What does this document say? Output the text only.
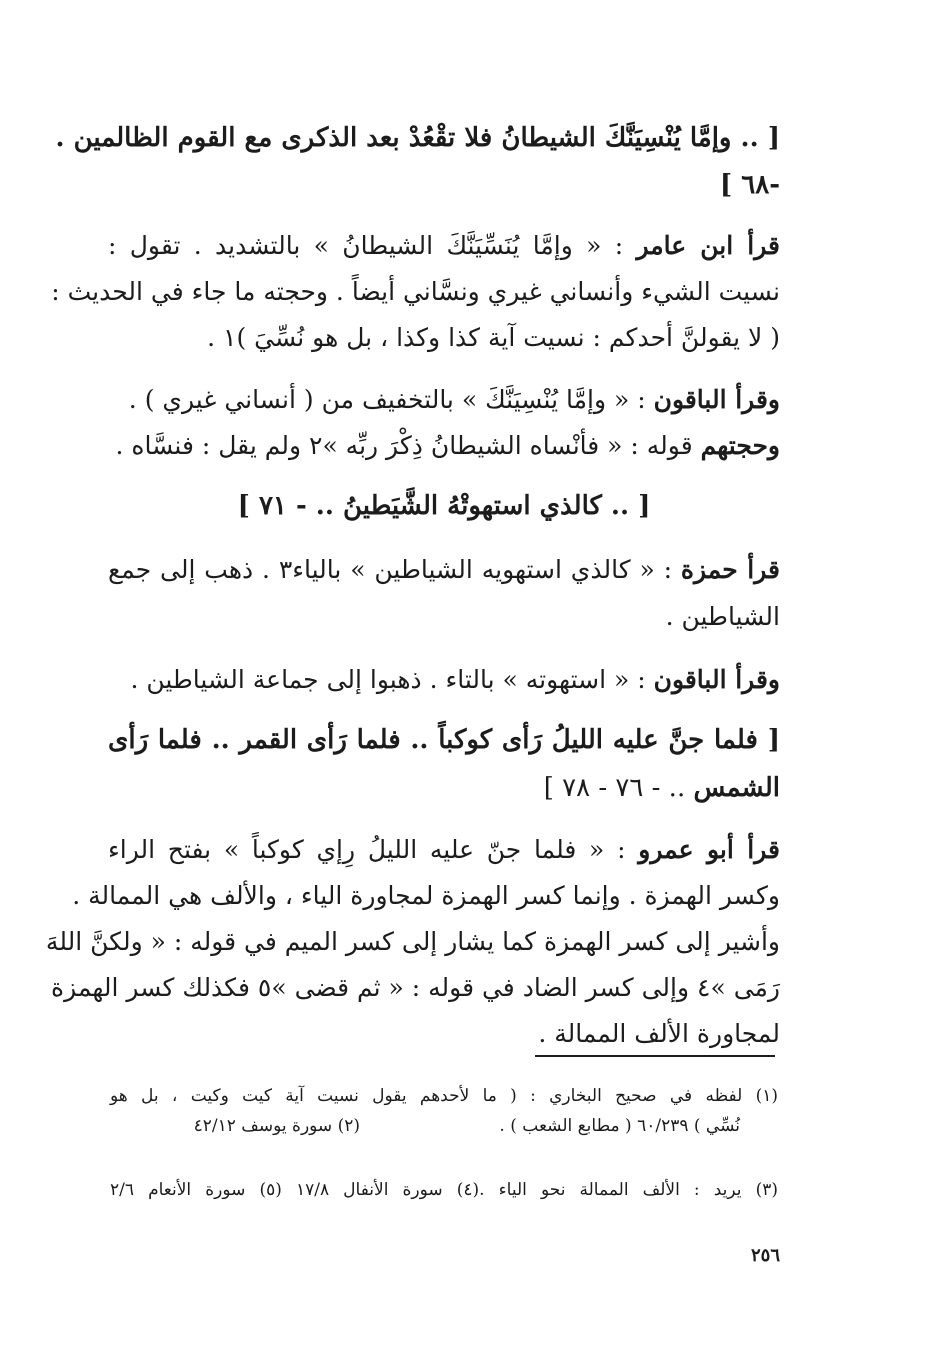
[ .. وإمَّا يُنْسِيَنَّكَ الشيطانُ فلا تقْعُدْ بعد الذكرى مع القوم الظالمين .
-٦٨ ]
قرأ ابن عامر : « وإمَّا يُنَسِّيَنَّكَ الشيطانُ » بالتشديد . تقول :
نسيت الشيء وأنساني غيري ونسَّاني أيضاً . وحجته ما جاء في الحديث :
( لا يقولنَّ أحدكم : نسيت آية كذا وكذا ، بل هو نُسِّيَ )١ .
وقرأ الباقون : « وإمَّا يُنْسِيَنَّكَ » بالتخفيف من ( أنساني غيري ) .
وحجتهم قوله : « فأنْساه الشيطانُ ذِكْرَ ربِّه »٢ ولم يقل : فنسَّاه .
[ .. كالذي استهوتْهُ الشَّيَطينُ .. - ٧١ ]
قرأ حمزة : « كالذي استهويه الشياطين » بالياء٣ . ذهب إلى جمع
الشياطين .
وقرأ الباقون : « استهوته » بالتاء . ذهبوا إلى جماعة الشياطين .
[ فلما جنَّ عليه الليلُ رَأى كوكباً .. فلما رَأى القمر .. فلما رَأى
الشمس .. - ٧٦ - ٧٨ ]
قرأ أبو عمرو : « فلما جنّ عليه الليلُ رِإي كوكباً » بفتح الراء
وكسر الهمزة . وإنما كسر الهمزة لمجاورة الياء ، والألف هي الممالة .
وأشير إلى كسر الهمزة كما يشار إلى كسر الميم في قوله : « ولكنَّ اللهَ
رَمَى »٤ وإلى كسر الضاد في قوله : « ثم قضى »٥ فكذلك كسر الهمزة
لمجاورة الألف الممالة .
(١) لفظه في صحيح البخاري : ( ما لأحدهم يقول نسيت آية كيت وكيت ، بل هو
نُسِّي ) ٦٠/٢٣٩ ( مطابع الشعب ) .
(٢) سورة يوسف ٤٢/١٢
(٣) يريد : الألف الممالة نحو الياء .(٤) سورة الأنفال ١٧/٨ (٥) سورة الأنعام ٢/٦
٢٥٦
